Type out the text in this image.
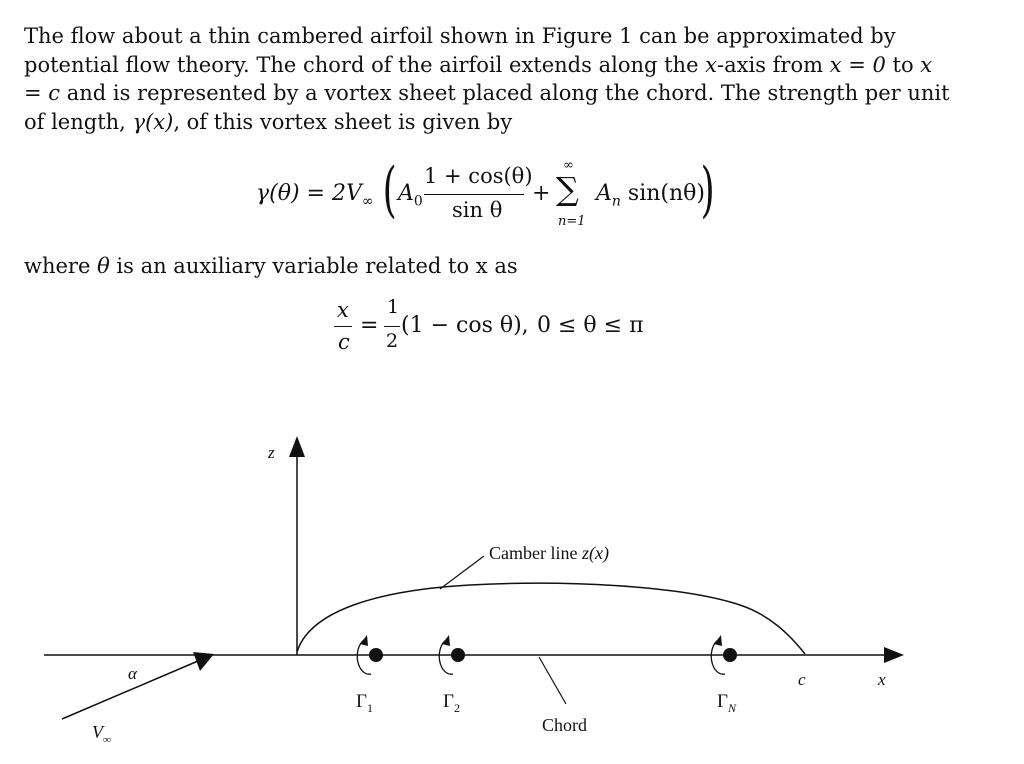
The flow about a thin cambered airfoil shown in Figure 1 can be approximated by potential flow theory. The chord of the airfoil extends along the x-axis from x = 0 to x = c and is represented by a vortex sheet placed along the chord. The strength per unit of length, γ(x), of this vortex sheet is given by
$\gamma(\theta) = 2V_\infty$ ( $A_0$
1 + cos(θ)
sin θ
+
∞
∑
n=1
$A_n$ sin(nθ)
)
where θ is an auxiliary variable related to x as
x
c
=
1
2
(1 − cos θ), 0 ≤ θ ≤ π
z
x
c
Camber line z(x)
Chord
α
$V_\infty$
$\Gamma_1$	$\Gamma_2$	$\Gamma_N$
